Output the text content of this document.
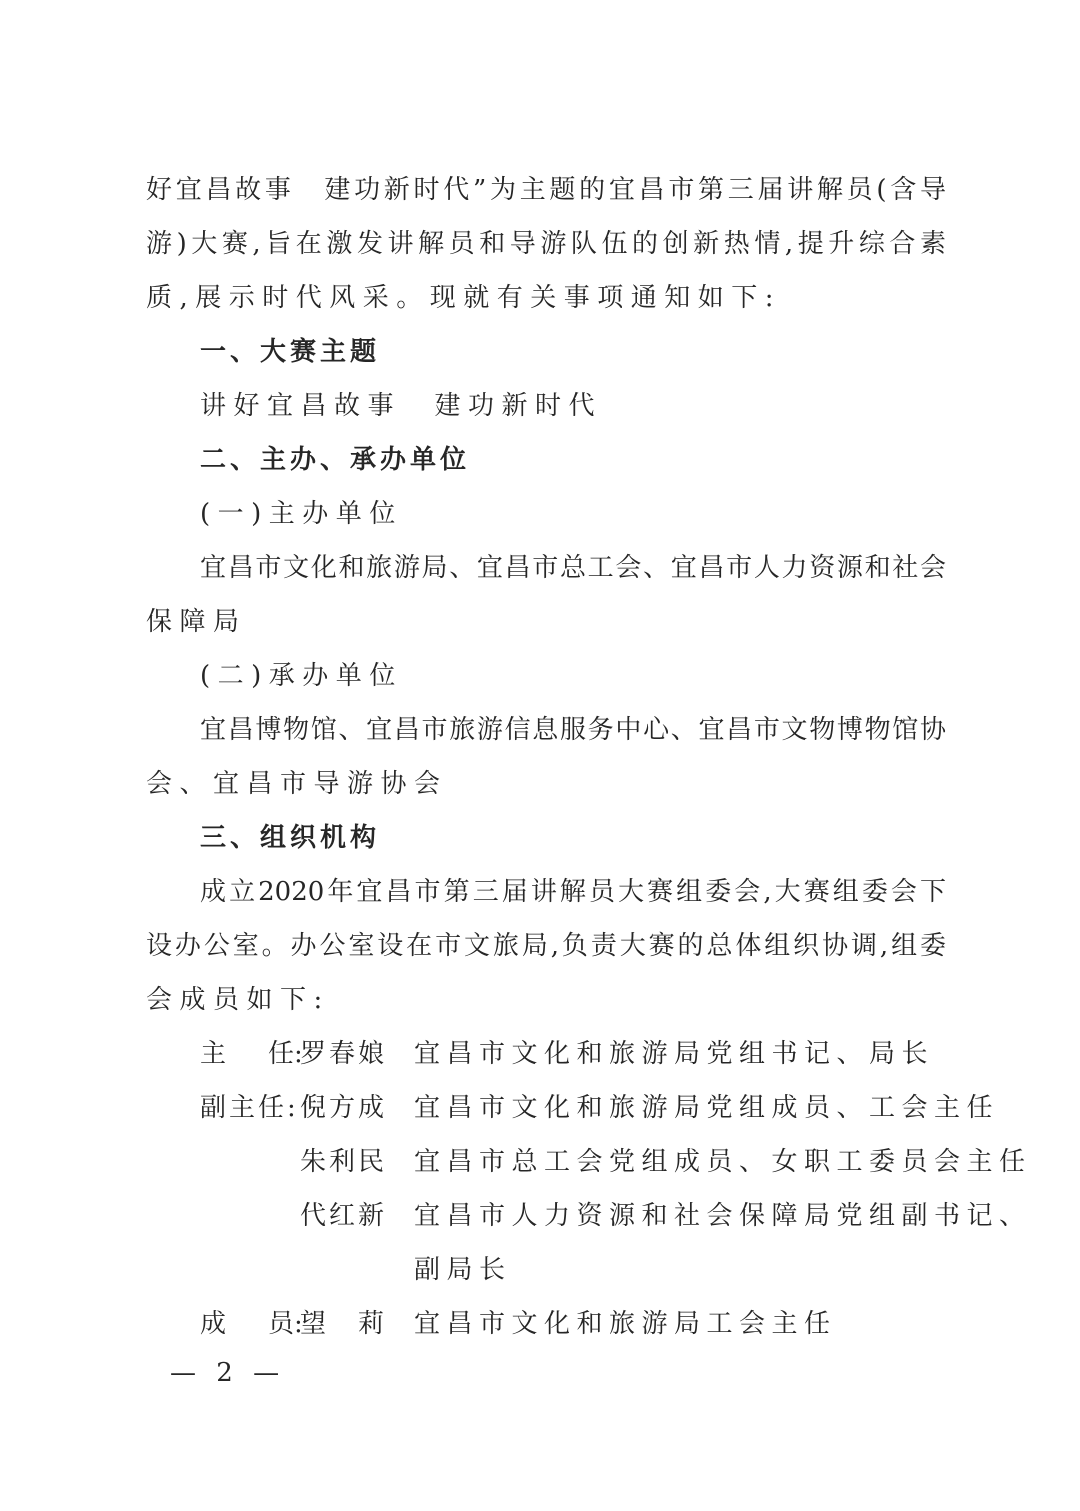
好宜昌故事　建功新时代”为主题的宜昌市第三届讲解员(含导
游)大赛,旨在激发讲解员和导游队伍的创新热情,提升综合素
质,展示时代风采。现就有关事项通知如下:
一、大赛主题
讲好宜昌故事　建功新时代
二、主办、承办单位
(一)主办单位
宜昌市文化和旅游局、宜昌市总工会、宜昌市人力资源和社会
保障局
(二)承办单位
宜昌博物馆、宜昌市旅游信息服务中心、宜昌市文物博物馆协
会、宜昌市导游协会
三、组织机构
成立2020年宜昌市第三届讲解员大赛组委会,大赛组委会下
设办公室。办公室设在市文旅局,负责大赛的总体组织协调,组委
会成员如下:
主 任:
罗春娘 宜昌市文化和旅游局党组书记、局长
副主任: 倪方成 宜昌市文化和旅游局党组成员、工会主任
朱利民 宜昌市总工会党组成员、女职工委员会主任
代红新 宜昌市人力资源和社会保障局党组副书记、
副局长
成 员:
望　莉 宜昌市文化和旅游局工会主任
— 2 —
